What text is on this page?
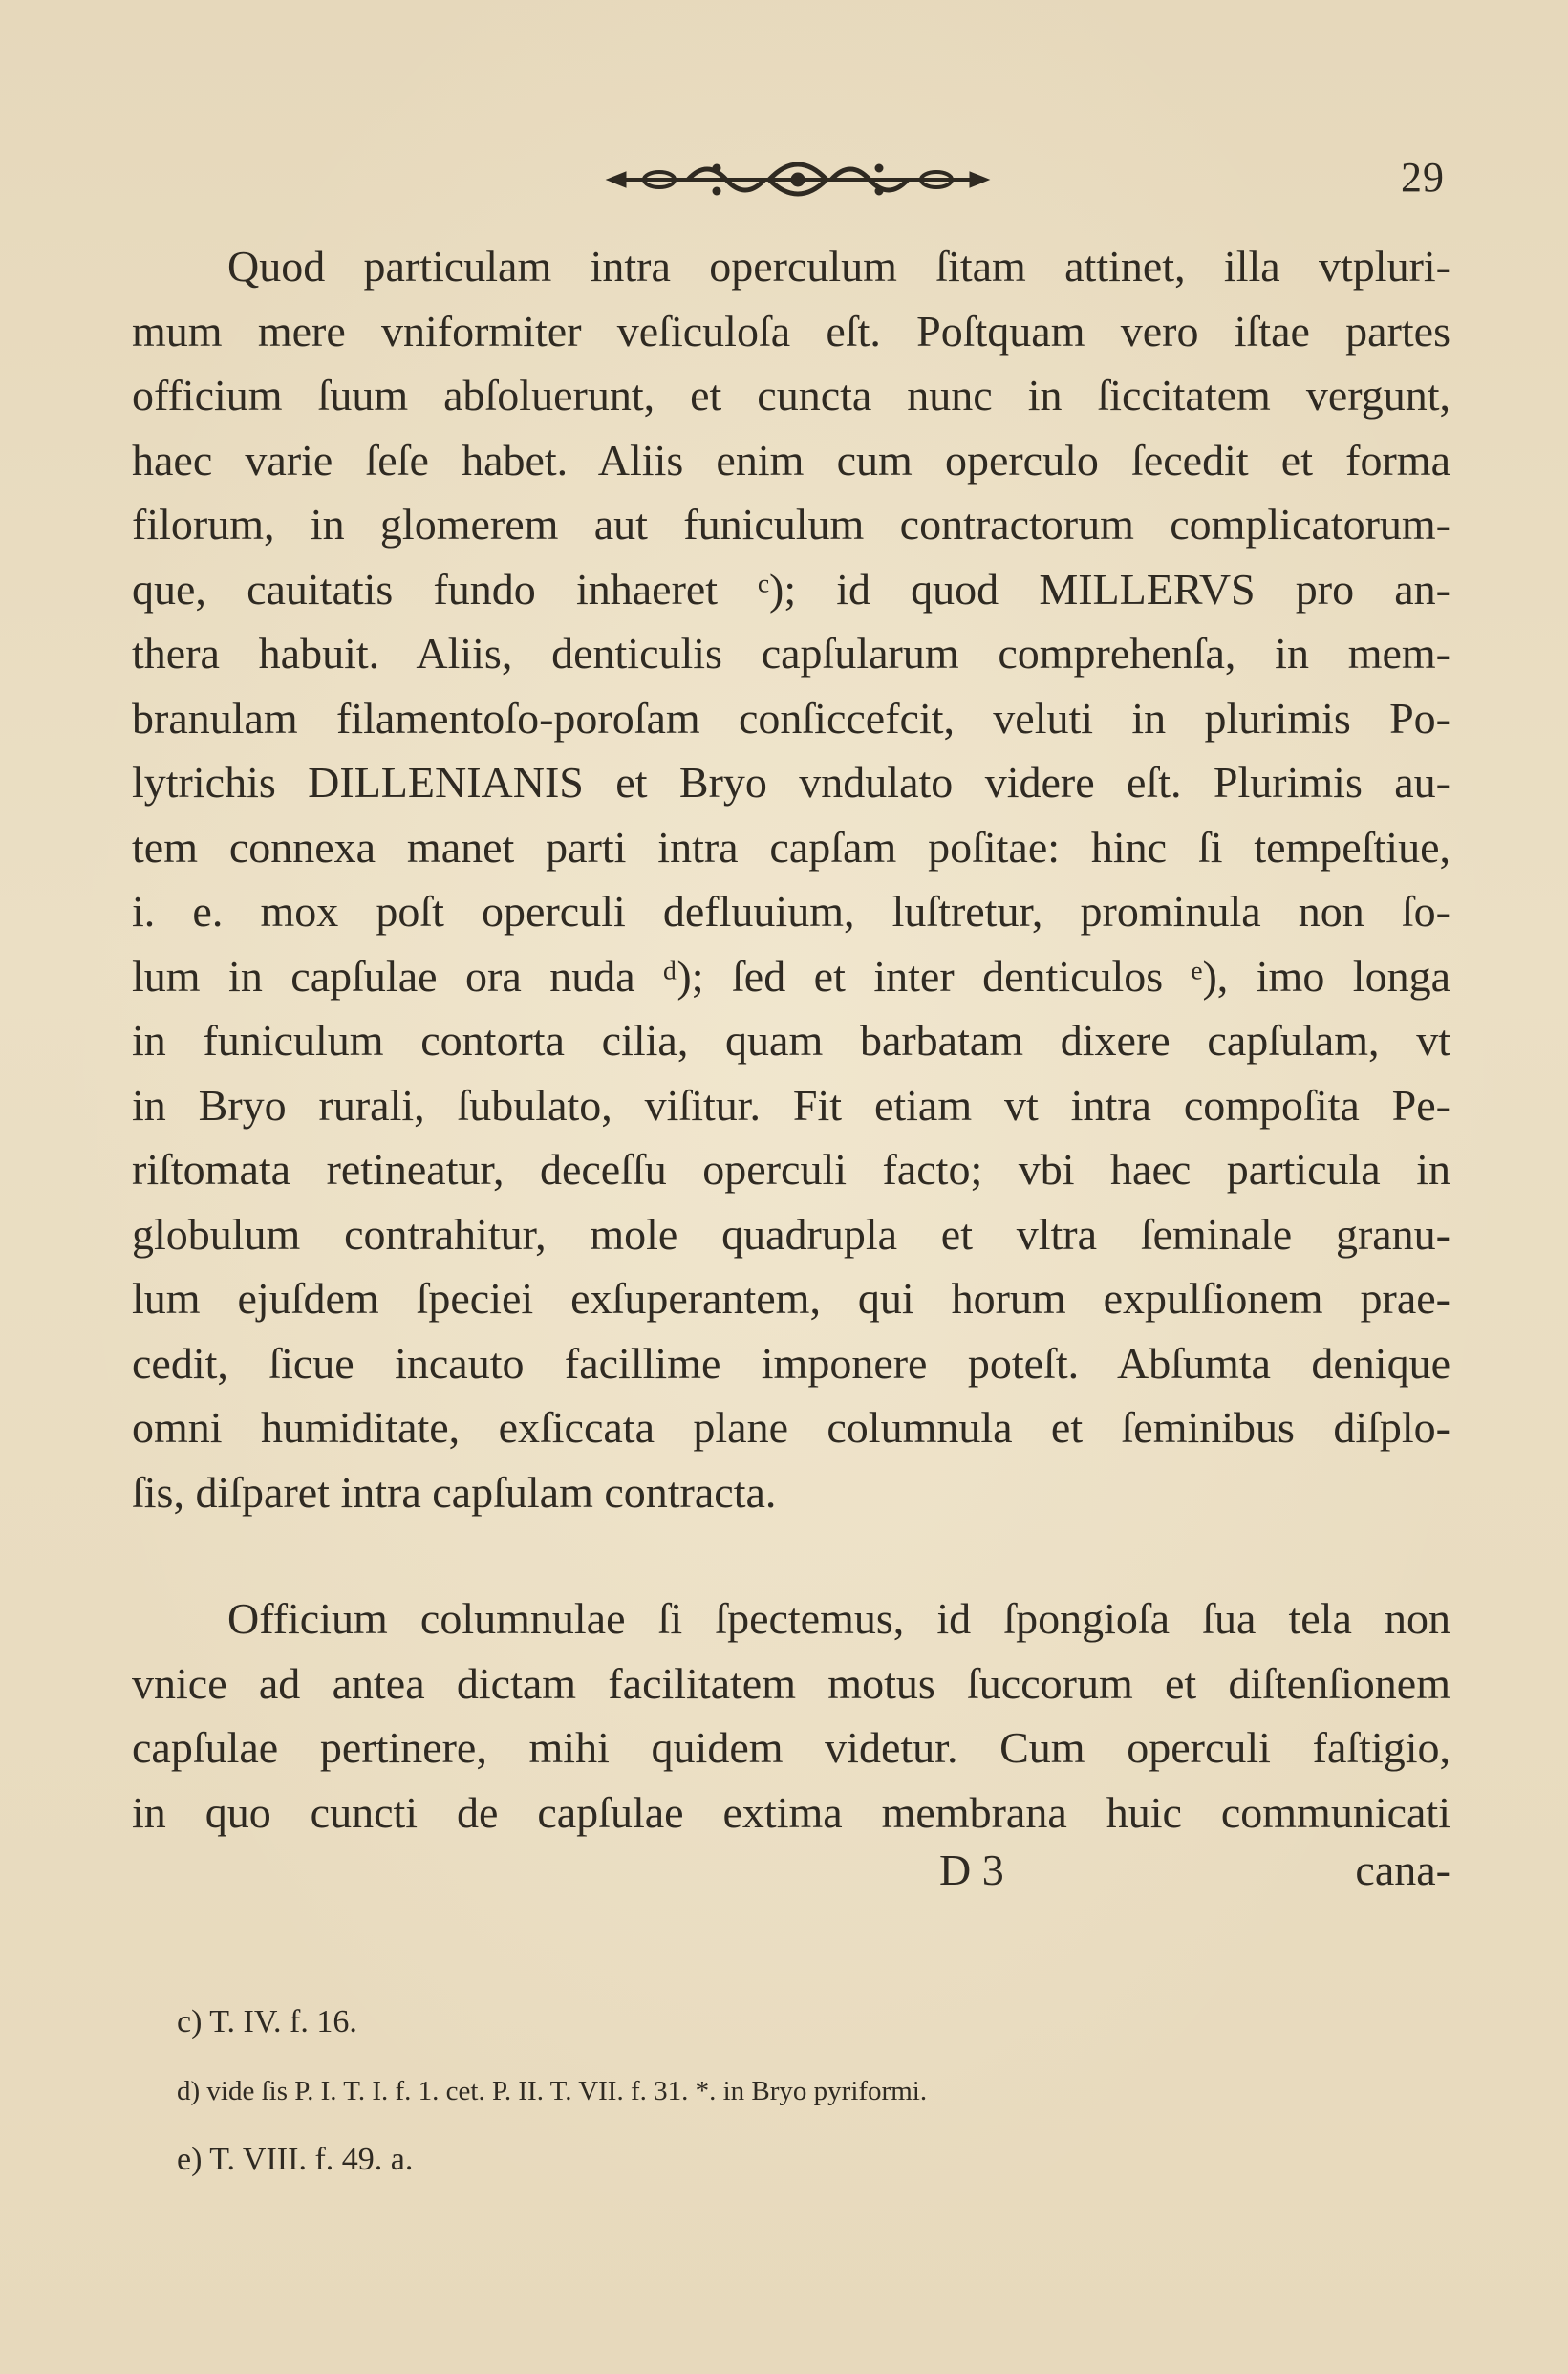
29
Quod particulam intra operculum ſitam attinet, illa vtpluri-
mum mere vniformiter veſiculoſa eſt. Poſtquam vero iſtae partes
officium ſuum abſoluerunt, et cuncta nunc in ſiccitatem vergunt,
haec varie ſeſe habet. Aliis enim cum operculo ſecedit et forma
filorum, in glomerem aut funiculum contractorum complicatorum-
que, cauitatis fundo inhaeret ᶜ); id quod MILLERVS pro an-
thera habuit. Aliis, denticulis capſularum comprehenſa, in mem-
branulam filamentoſo-poroſam conſiccefcit, veluti in plurimis Po-
lytrichis DILLENIANIS et Bryo vndulato videre eſt. Plurimis au-
tem connexa manet parti intra capſam poſitae: hinc ſi tempeſtiue,
i. e. mox poſt operculi defluuium, luſtretur, prominula non ſo-
lum in capſulae ora nuda ᵈ); ſed et inter denticulos ᵉ), imo longa
in funiculum contorta cilia, quam barbatam dixere capſulam, vt
in Bryo rurali, ſubulato, viſitur. Fit etiam vt intra compoſita Pe-
riſtomata retineatur, deceſſu operculi facto; vbi haec particula in
globulum contrahitur, mole quadrupla et vltra ſeminale granu-
lum ejuſdem ſpeciei exſuperantem, qui horum expulſionem prae-
cedit, ſicue incauto facillime imponere poteſt. Abſumta denique
omni humiditate, exſiccata plane columnula et ſeminibus diſplo-
ſis, diſparet intra capſulam contracta.
Officium columnulae ſi ſpectemus, id ſpongioſa ſua tela non
vnice ad antea dictam facilitatem motus ſuccorum et diſtenſionem
capſulae pertinere, mihi quidem videtur. Cum operculi faſtigio,
in quo cuncti de capſulae extima membrana huic communicati
D 3	cana-
c) T. IV. f. 16.
d) vide ſis P. I. T. I. f. 1. cet. P. II. T. VII. f. 31. *. in Bryo pyriformi.
e) T. VIII. f. 49. a.
